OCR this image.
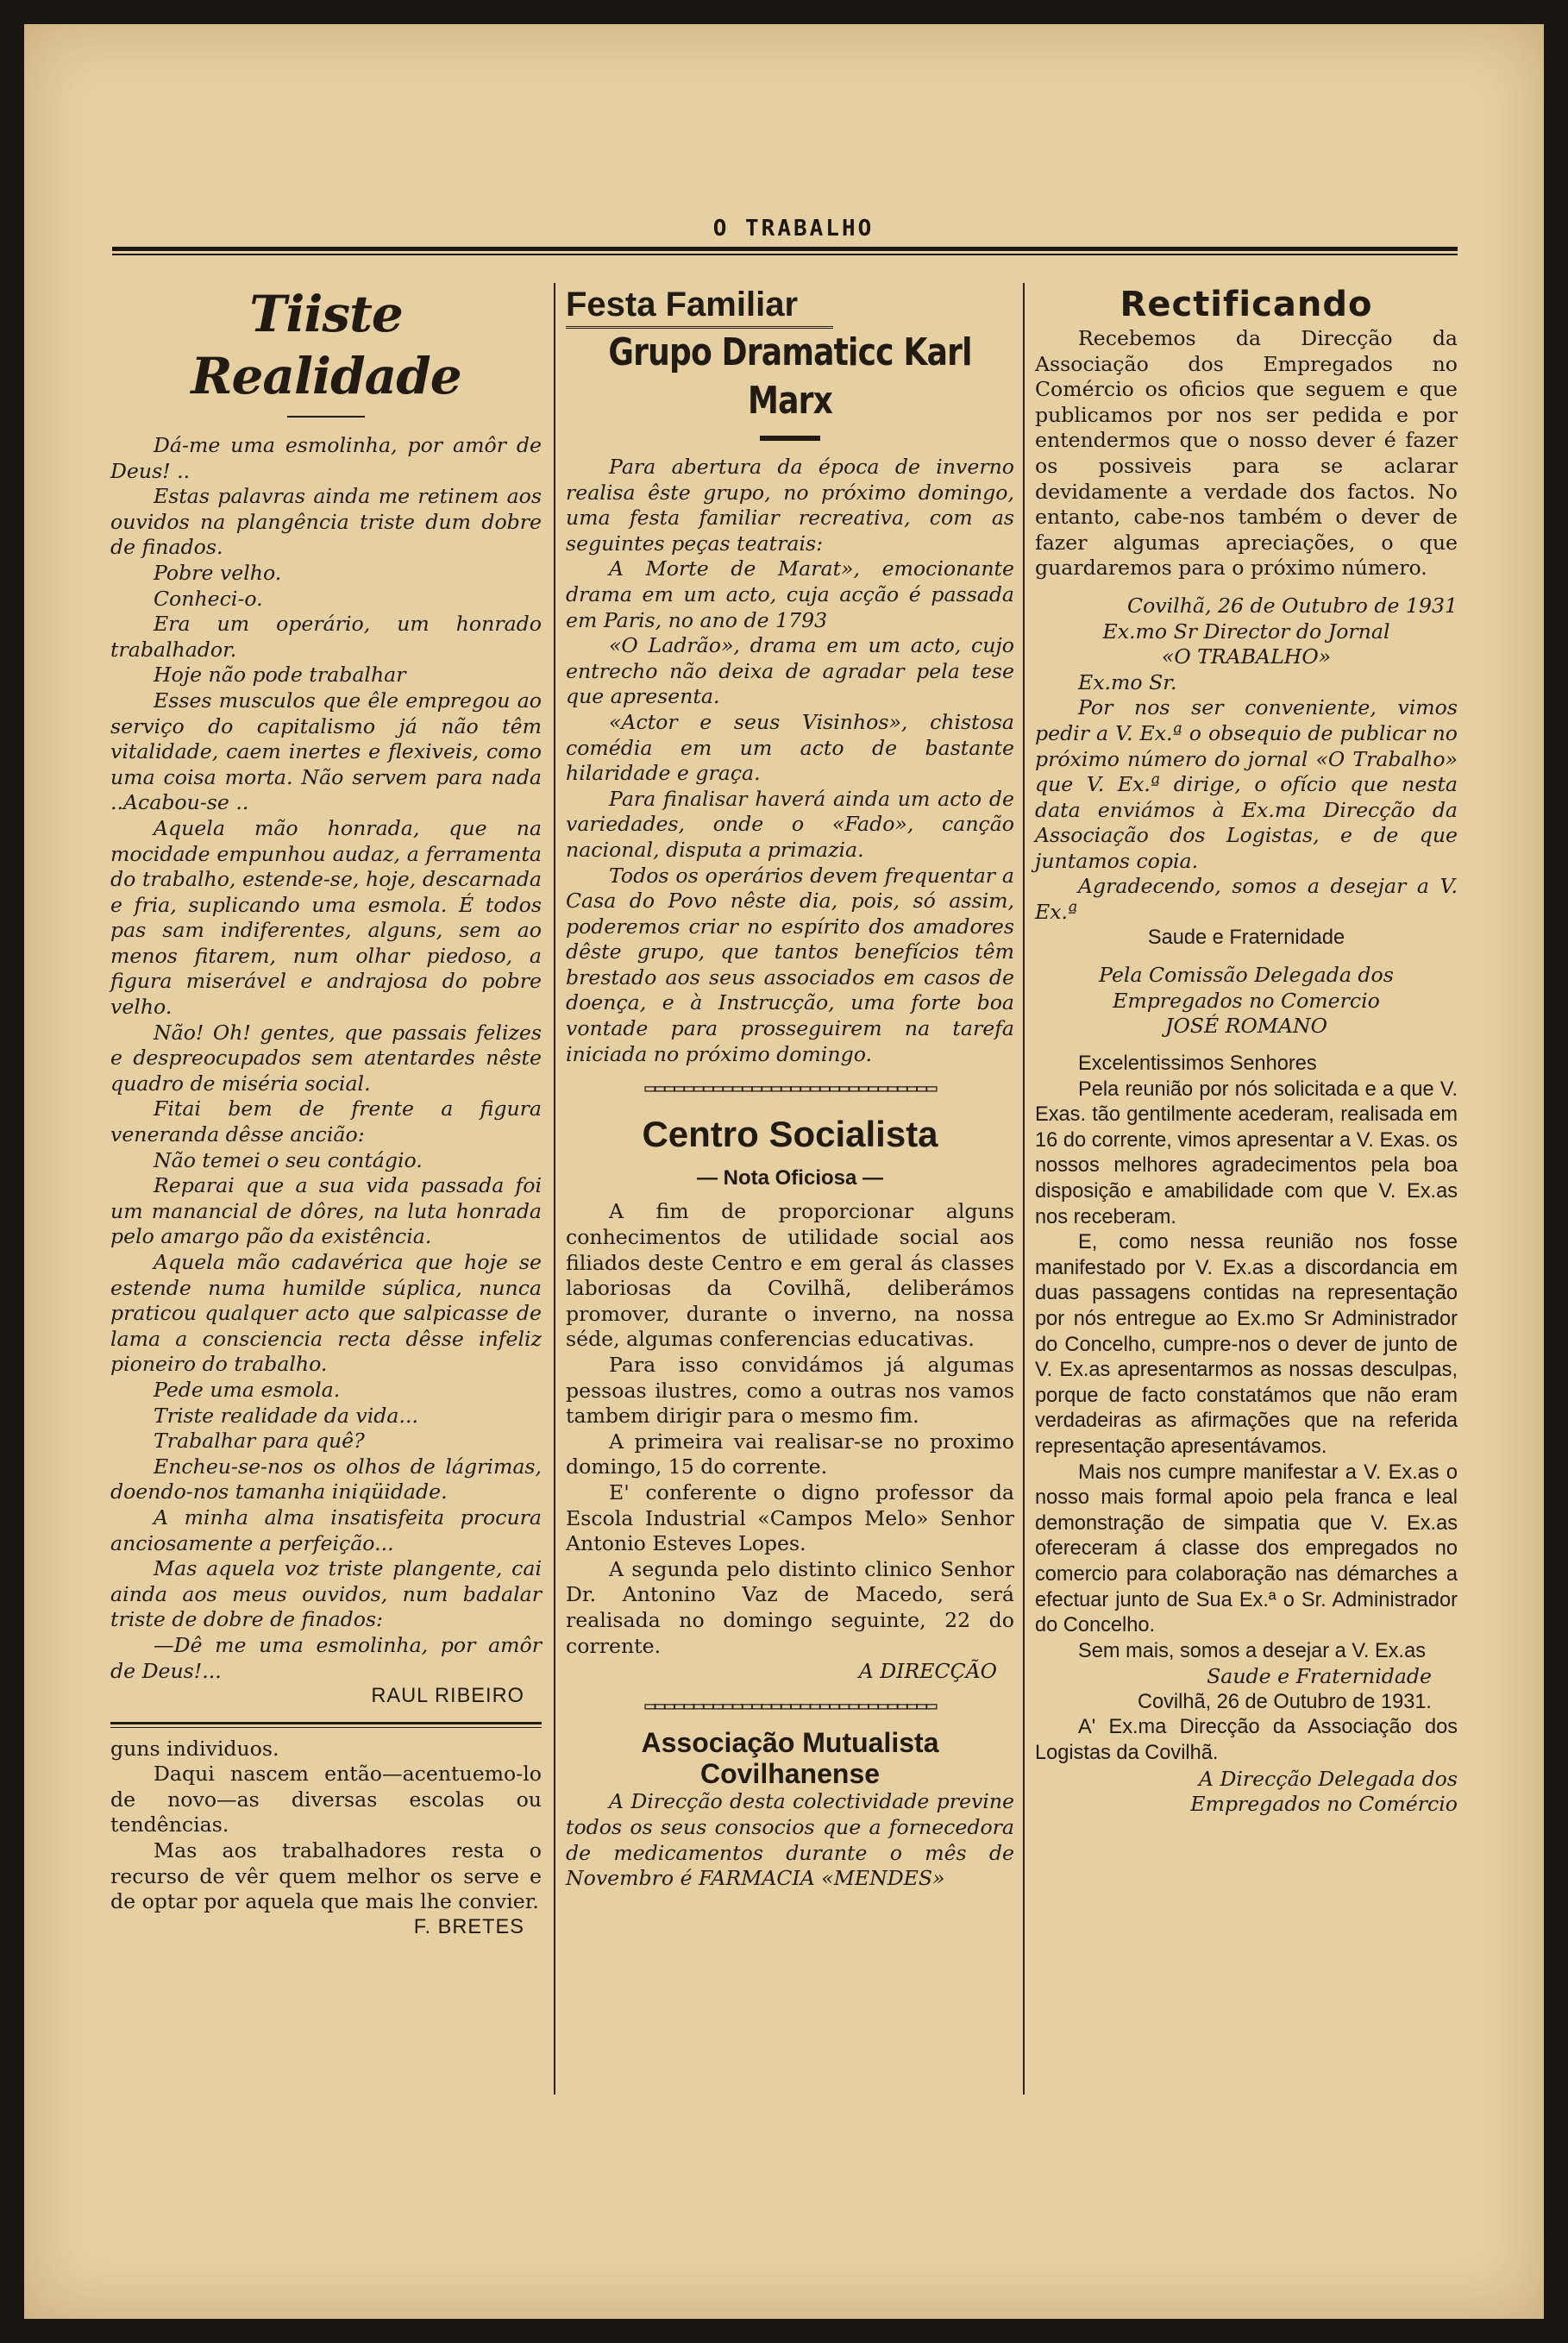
O TRABALHO
Tiiste Realidade

Dá-me uma esmolinha, por amôr de Deus! ..

Estas palavras ainda me retinem aos ouvidos na plangência triste dum dobre de finados.

Pobre velho.

Conheci-o.

Era um operário, um honrado trabalhador.

Hoje não pode trabalhar

Esses musculos que êle empregou ao serviço do capitalismo já não têm vitalidade, caem inertes e flexiveis, como uma coisa morta. Não servem para nada ..Acabou-se ..

Aquela mão honrada, que na mocidade empunhou audaz, a ferramenta do trabalho, estende-se, hoje, descarnada e fria, suplicando uma esmola. É todos pas sam indiferentes, alguns, sem ao menos fitarem, num olhar piedoso, a figura miserável e andrajosa do pobre velho.

Não! Oh! gentes, que passais felizes e despreocupados sem atentardes nêste quadro de miséria social.

Fitai bem de frente a figura veneranda dêsse ancião:

Não temei o seu contágio.

Reparai que a sua vida passada foi um manancial de dôres, na luta honrada pelo amargo pão da existência.

Aquela mão cadavérica que hoje se estende numa humilde súplica, nunca praticou qualquer acto que salpicasse de lama a consciencia recta dêsse infeliz pioneiro do trabalho.

Pede uma esmola.

Triste realidade da vida...

Trabalhar para quê?

Encheu-se-nos os olhos de lágrimas, doendo-nos tamanha iniqüidade.

A minha alma insatisfeita procura anciosamente a perfeição...

Mas aquela voz triste plangente, cai ainda aos meus ouvidos, num badalar triste de dobre de finados:

—Dê me uma esmolinha, por amôr de Deus!...

RAUL RIBEIRO

guns individuos.

Daqui nascem então—acentuemo-lo de novo—as diversas escolas ou tendências.

Mas aos trabalhadores resta o recurso de vêr quem melhor os serve e de optar por aquela que mais lhe convier.

F. BRETES
Festa Familiar
Grupo Dramaticc Karl Marx

Para abertura da época de inverno realisa êste grupo, no próximo domingo, uma festa familiar recreativa, com as seguintes peças teatrais:

A Morte de Marat», emocionante drama em um acto, cuja acção é passada em Paris, no ano de 1793

«O Ladrão», drama em um acto, cujo entrecho não deixa de agradar pela tese que apresenta.

«Actor e seus Visinhos», chistosa comédia em um acto de bastante hilaridade e graça.

Para finalisar haverá ainda um acto de variedades, onde o «Fado», canção nacional, disputa a primazia.

Todos os operários devem frequentar a Casa do Povo nêste dia, pois, só assim, poderemos criar no espírito dos amadores dêste grupo, que tantos benefícios têm brestado aos seus associados em casos de doença, e à Instrucção, uma forte boa vontade para prosseguirem na tarefa iniciada no próximo domingo.

▭▭▭▭▭▭▭▭▭▭▭▭▭▭▭▭▭▭▭▭▭▭▭▭▭▭▭▭▭▭
Centro Socialista
— Nota Oficiosa —

A fim de proporcionar alguns conhecimentos de utilidade social aos filiados deste Centro e em geral ás classes laboriosas da Covilhã, deliberámos promover, durante o inverno, na nossa séde, algumas conferencias educativas.

Para isso convidámos já algumas pessoas ilustres, como a outras nos vamos tambem dirigir para o mesmo fim.

A primeira vai realisar-se no proximo domingo, 15 do corrente.

E' conferente o digno professor da Escola Industrial «Campos Melo» Senhor Antonio Esteves Lopes.

A segunda pelo distinto clinico Senhor Dr. Antonino Vaz de Macedo, será realisada no domingo seguinte, 22 do corrente.

A DIRECÇÃO
▭▭▭▭▭▭▭▭▭▭▭▭▭▭▭▭▭▭▭▭▭▭▭▭▭▭▭▭▭▭
Associação Mutualista Covilhanense

A Direcção desta colectividade previne todos os seus consocios que a fornecedora de medicamentos durante o mês de Novembro é FARMACIA «MENDES»

Rectificando

Recebemos da Direcção da Associação dos Empregados no Comércio os oficios que seguem e que publicamos por nos ser pedida e por entendermos que o nosso dever é fazer os possiveis para se aclarar devidamente a verdade dos factos. No entanto, cabe-nos também o dever de fazer algumas apreciações, o que guardaremos para o próximo número.

Covilhã, 26 de Outubro de 1931
Ex.mo Sr Director do Jornal
«O TRABALHO»
Ex.mo Sr.

Por nos ser conveniente, vimos pedir a V. Ex.ª o obsequio de publicar no próximo número do jornal «O Trabalho» que V. Ex.ª dirige, o ofício que nesta data enviámos à Ex.ma Direcção da Associação dos Logistas, e de que juntamos copia.

Agradecendo, somos a desejar a V. Ex.ª

Saude e Fraternidade
Pela Comissão Delegada dos Empregados no Comercio
JOSÉ ROMANO
Excelentissimos Senhores

Pela reunião por nós solicitada e a que V. Exas. tão gentilmente acederam, realisada em 16 do corrente, vimos apresentar a V. Exas. os nossos melhores agradecimentos pela boa disposição e amabilidade com que V. Ex.as nos receberam.

E, como nessa reunião nos fosse manifestado por V. Ex.as a discordancia em duas passagens contidas na representação por nós entregue ao Ex.mo Sr Administrador do Concelho, cumpre-nos o dever de junto de V. Ex.as apresentarmos as nossas desculpas, porque de facto constatámos que não eram verdadeiras as afirmações que na referida representação apresentávamos.

Mais nos cumpre manifestar a V. Ex.as o nosso mais formal apoio pela franca e leal demonstração de simpatia que V. Ex.as ofereceram á classe dos empregados no comercio para colaboração nas démarches a efectuar junto de Sua Ex.ª o Sr. Administrador do Concelho.

Sem mais, somos a desejar a V. Ex.as

Saude e Fraternidade
Covilhã, 26 de Outubro de 1931.

A' Ex.ma Direcção da Associação dos Logistas da Covilhã.

A Direcção Delegada dos Empregados no Comércio
